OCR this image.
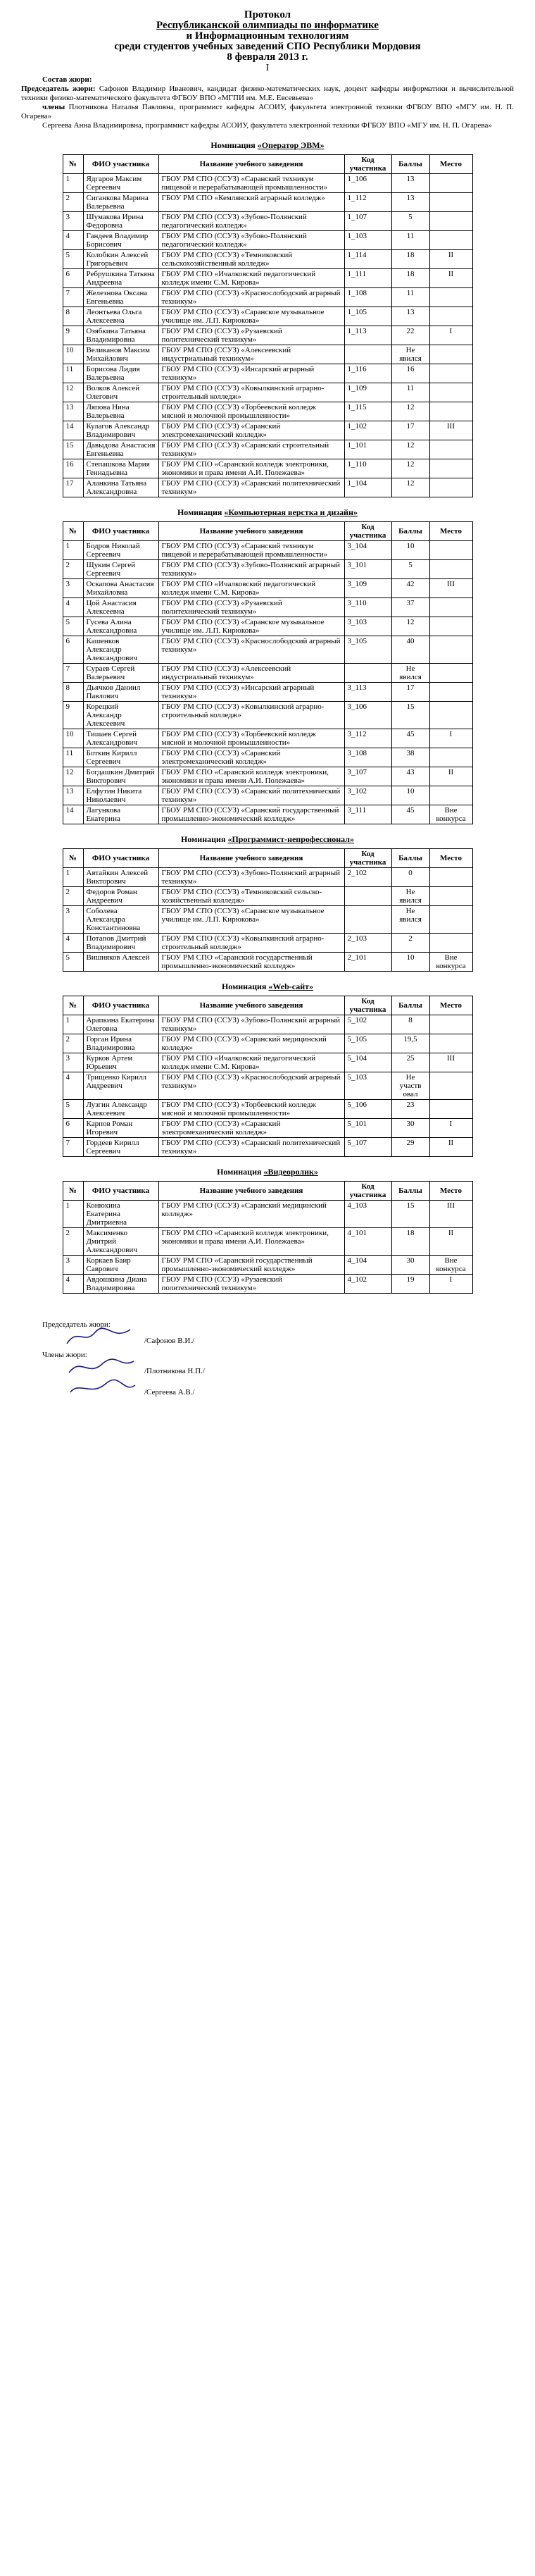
Протокол
Республиканской олимпиады по информатике
и Информационным технологиям
среди студентов учебных заведений СПО Республики Мордовия
8 февраля 2013 г.
I
Состав жюри:

Председатель жюри: Сафонов Владимир Иванович, кандидат физико-математических наук, доцент кафедры информатики и вычислительной техники физико-математического факультета ФГБОУ ВПО «МГПИ им. М.Е. Евсевьева»

члены Плотникова Наталья Павловна, программист кафедры АСОИУ, факультета электронной техники ФГБОУ ВПО «МГУ им. Н. П. Огарева»

Сергеева Анна Владимировна, программист кафедры АСОИУ, факультета электронной техники ФГБОУ ВПО «МГУ им. Н. П. Огарева»

Номинация «Оператор ЭВМ»
№	ФИО участника	Название учебного заведения	Код участника	Баллы	Место
1	Ядгаров Максим Сергеевич	ГБОУ РМ СПО (ССУЗ) «Саранский техникум пищевой и перерабатывающей промышленности»	1_106	13	
2	Сиганкова Марина Валерьевна	ГБОУ РМ СПО «Кемлянский аграрный колледж»	1_112	13	
3	Шумакова Ирина Федоровна	ГБОУ РМ СПО (ССУЗ) «Зубово-Полянский педагогический колледж»	1_107	5	
4	Гандеев Владимир Борисович	ГБОУ РМ СПО (ССУЗ) «Зубово-Полянский педагогический колледж»	1_103	11	
5	Колобкин Алексей Григорьевич	ГБОУ РМ СПО (ССУЗ) «Темниковский сельскохозяйственный колледж»	1_114	18	II
6	Ребрушкина Татьяна Андреевна	ГБОУ РМ СПО «Ичалковский педагогический колледж имени С.М. Кирова»	1_111	18	II
7	Железнова Оксана Евгеньевна	ГБОУ РМ СПО (ССУЗ) «Краснослободский аграрный техникум»	1_108	11	
8	Леонтьева Ольга Алексеевна	ГБОУ РМ СПО (ССУЗ) «Саранское музыкальное училище им. Л.П. Кирюкова»	1_105	13	
9	Озябкина Татьяна Владимировна	ГБОУ РМ СПО (ССУЗ) «Рузаевский политехнический техникум»	1_113	22	I
10	Великанов Максим Михайлович	ГБОУ РМ СПО (ССУЗ) «Алексеевский индустриальный техникум»		Не явился	
11	Борисова Лидия Валерьевна	ГБОУ РМ СПО (ССУЗ) «Инсарский аграрный техникум»	1_116	16	
12	Волков Алексей Олегович	ГБОУ РМ СПО (ССУЗ) «Ковылкинский аграрно-строительный колледж»	1_109	11	
13	Ляпова Нина Валерьевна	ГБОУ РМ СПО (ССУЗ) «Торбеевский колледж мясной и молочной промышленности»	1_115	12	
14	Кулагов Александр Владимирович	ГБОУ РМ СПО (ССУЗ) «Саранский электромеханический колледж»	1_102	17	III
15	Давыдова Анастасия Евгеньевна	ГБОУ РМ СПО (ССУЗ) «Саранский строительный техникум»	1_101	12	
16	Степашкова Мария Геннадьевна	ГБОУ РМ СПО «Саранский колледж электроники, экономики и права имени А.И. Полежаева»	1_110	12	
17	Аланкина Татьяна Александровна	ГБОУ РМ СПО (ССУЗ) «Саранский политехнический техникум»	1_104	12	
Номинация «Компьютерная верстка и дизайн»
№	ФИО участника	Название учебного заведения	Код участника	Баллы	Место
1	Бодров Николай Сергеевич	ГБОУ РМ СПО (ССУЗ) «Саранский техникум пищевой и перерабатывающей промышленности»	3_104	10	
2	Щукин Сергей Сергеевич	ГБОУ РМ СПО (ССУЗ) «Зубово-Полянский аграрный техникум»	3_101	5	
3	Оскапова Анастасия Михайловна	ГБОУ РМ СПО «Ичалковский педагогический колледж имени С.М. Кирова»	3_109	42	III
4	Цой Анастасия Алексеевна	ГБОУ РМ СПО (ССУЗ) «Рузаевский политехнический техникум»	3_110	37	
5	Гусева Алина Александровна	ГБОУ РМ СПО (ССУЗ) «Саранское музыкальное училище им. Л.П. Кирюкова»	3_103	12	
6	Кашенков Александр Александрович	ГБОУ РМ СПО (ССУЗ) «Краснослободский аграрный техникум»	3_105	40	
7	Сураев Сергей Валерьевич	ГБОУ РМ СПО (ССУЗ) «Алексеевский индустриальный техникум»		Не явился	
8	Дьячков Даниил Павлович	ГБОУ РМ СПО (ССУЗ) «Инсарский аграрный техникум»	3_113	17	
9	Корецкий Александр Алексеевич	ГБОУ РМ СПО (ССУЗ) «Ковылкинский аграрно-строительный колледж»	3_106	15	
10	Тишаев Сергей Александрович	ГБОУ РМ СПО (ССУЗ) «Торбеевский колледж мясной и молочной промышленности»	3_112	45	I
11	Боткин Кирилл Сергеевич	ГБОУ РМ СПО (ССУЗ) «Саранский электромеханический колледж»	3_108	38	
12	Богдашкин Дмитрий Викторович	ГБОУ РМ СПО «Саранский колледж электроники, экономики и права имени А.И. Полежаева»	3_107	43	II
13	Елфутин Никита Николаевич	ГБОУ РМ СПО (ССУЗ) «Саранский политехнический техникум»	3_102	10	
14	Лагункова Екатерина	ГБОУ РМ СПО (ССУЗ) «Саранский государственный промышленно-экономический колледж»	3_111	45	Вне конкурса
Номинация «Программист-непрофессионал»
№	ФИО участника	Название учебного заведения	Код участника	Баллы	Место
1	Автайкин Алексей Викторович	ГБОУ РМ СПО (ССУЗ) «Зубово-Полянский аграрный техникум»	2_102	0	
2	Федоров Роман Андреевич	ГБОУ РМ СПО (ССУЗ) «Темниковский сельско-хозяйственный колледж»		Не явился	
3	Соболева Александра Константиновна	ГБОУ РМ СПО (ССУЗ) «Саранское музыкальное училище им. Л.П. Кирюкова»		Не явился	
4	Потапов Дмитрий Владимирович	ГБОУ РМ СПО (ССУЗ) «Ковылкинский аграрно-строительный колледж»	2_103	2	
5	Вишняков Алексей	ГБОУ РМ СПО «Саранский государственный промышленно-экономический колледж»	2_101	10	Вне конкурса
Номинация «Web-сайт»
№	ФИО участника	Название учебного заведения	Код участника	Баллы	Место
1	Арапкина Екатерина Олеговна	ГБОУ РМ СПО (ССУЗ) «Зубово-Полянский аграрный техникум»	5_102	8	
2	Горган Ирина Владимировна	ГБОУ РМ СПО (ССУЗ) «Саранский медицинский колледж»	5_105	19,5	
3	Курков Артем Юрьевич	ГБОУ РМ СПО «Ичалковский педагогический колледж имени С.М. Кирова»	5_104	25	III
4	Трищенко Кирилл Андреевич	ГБОУ РМ СПО (ССУЗ) «Краснослободский аграрный техникум»	5_103	Не участв овал	
5	Лузгин Александр Алексеевич	ГБОУ РМ СПО (ССУЗ) «Торбеевский колледж мясной и молочной промышленности»	5_106	23	
6	Карпов Роман Игоревич	ГБОУ РМ СПО (ССУЗ) «Саранский электромеханический колледж»	5_101	30	I
7	Гордеев Кирилл Сергеевич	ГБОУ РМ СПО (ССУЗ) «Саранский политехнический техникум»	5_107	29	II
Номинация «Видеоролик»
№	ФИО участника	Название учебного заведения	Код участника	Баллы	Место
1	Конюхина Екатерина Дмитриевна	ГБОУ РМ СПО (ССУЗ) «Саранский медицинский колледж»	4_103	15	III
2	Максименко Дмитрий Александрович	ГБОУ РМ СПО «Саранский колледж электроники, экономики и права имени А.И. Полежаева»	4_101	18	II
3	Коркаев Баир Саврович	ГБОУ РМ СПО «Саранский государственный промышленно-экономический колледж»	4_104	30	Вне конкурса
4	Авдошкина Диана Владимировна	ГБОУ РМ СПО (ССУЗ) «Рузаевский политехнический техникум»	4_102	19	I
Председатель жюри:
/Сафонов В.И./
Члены жюри:
/Плотникова Н.П./
/Сергеева А.В./
